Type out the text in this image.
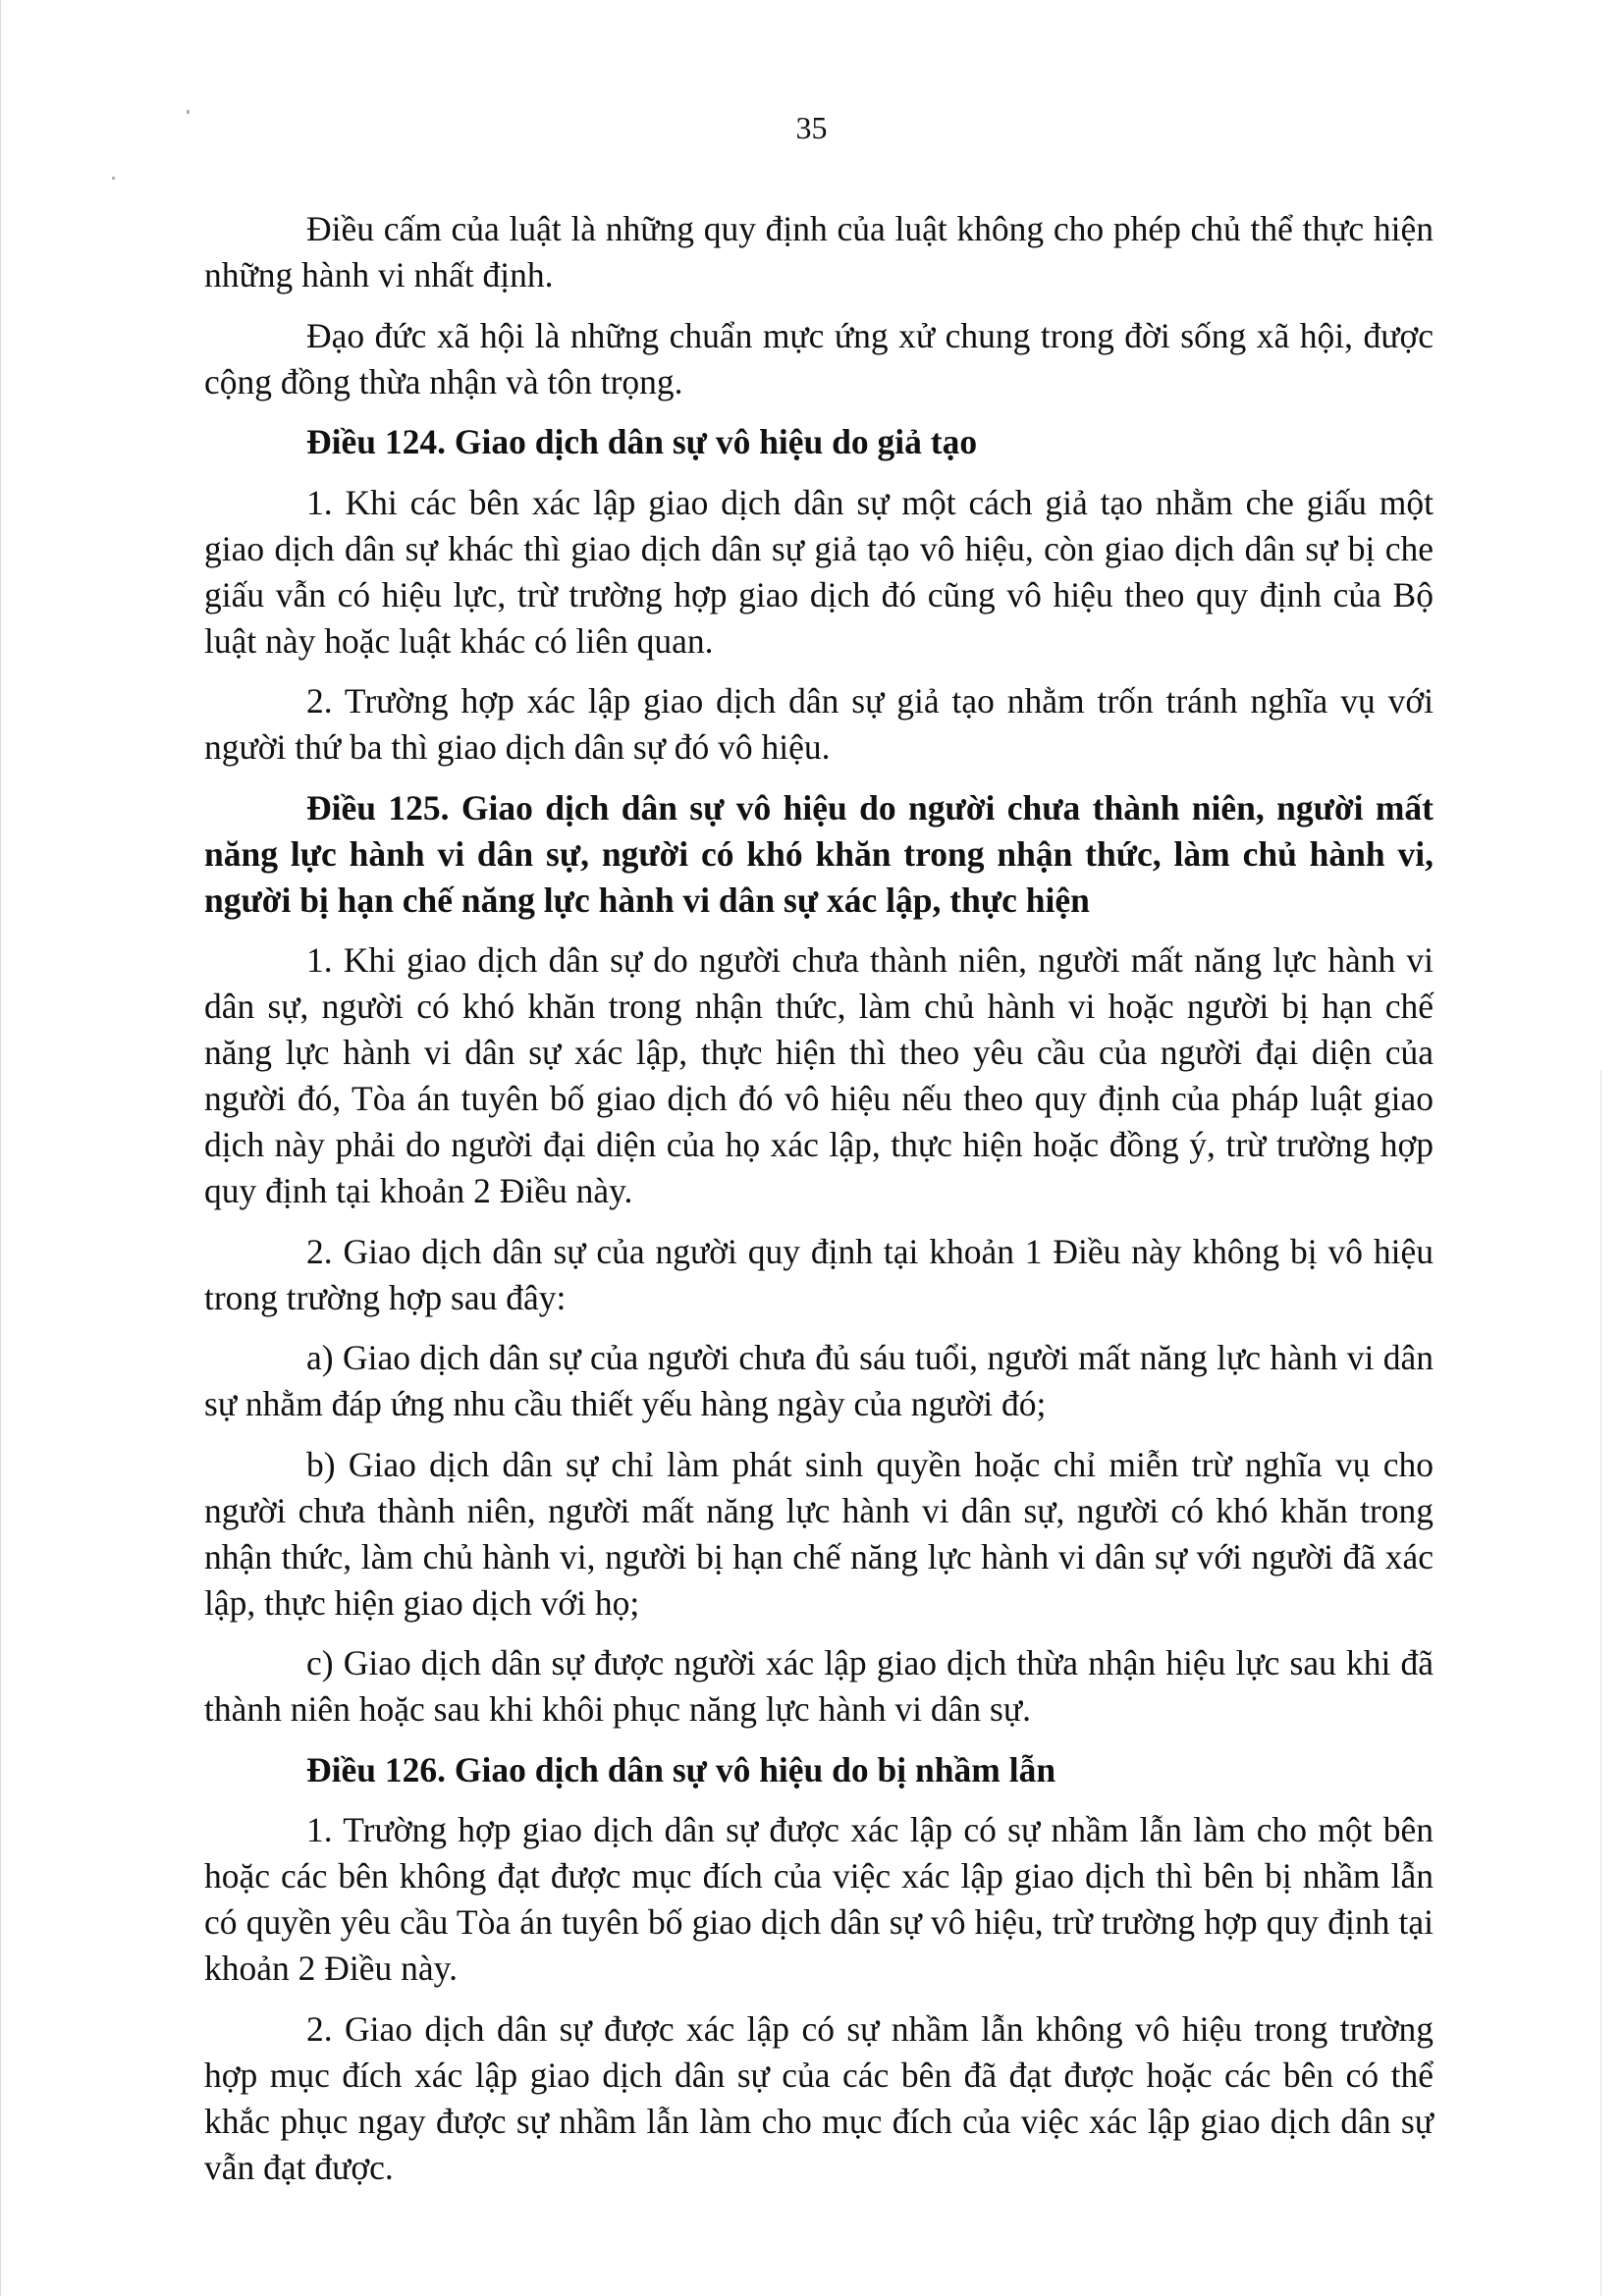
35

Điều cấm của luật là những quy định của luật không cho phép chủ thể thực hiện những hành vi nhất định.

Đạo đức xã hội là những chuẩn mực ứng xử chung trong đời sống xã hội, được cộng đồng thừa nhận và tôn trọng.

Điều 124. Giao dịch dân sự vô hiệu do giả tạo

1. Khi các bên xác lập giao dịch dân sự một cách giả tạo nhằm che giấu một giao dịch dân sự khác thì giao dịch dân sự giả tạo vô hiệu, còn giao dịch dân sự bị che giấu vẫn có hiệu lực, trừ trường hợp giao dịch đó cũng vô hiệu theo quy định của Bộ luật này hoặc luật khác có liên quan.

2. Trường hợp xác lập giao dịch dân sự giả tạo nhằm trốn tránh nghĩa vụ với người thứ ba thì giao dịch dân sự đó vô hiệu.

Điều 125. Giao dịch dân sự vô hiệu do người chưa thành niên, người mất năng lực hành vi dân sự, người có khó khăn trong nhận thức, làm chủ hành vi, người bị hạn chế năng lực hành vi dân sự xác lập, thực hiện

1. Khi giao dịch dân sự do người chưa thành niên, người mất năng lực hành vi dân sự, người có khó khăn trong nhận thức, làm chủ hành vi hoặc người bị hạn chế năng lực hành vi dân sự xác lập, thực hiện thì theo yêu cầu của người đại diện của người đó, Tòa án tuyên bố giao dịch đó vô hiệu nếu theo quy định của pháp luật giao dịch này phải do người đại diện của họ xác lập, thực hiện hoặc đồng ý, trừ trường hợp quy định tại khoản 2 Điều này.

2. Giao dịch dân sự của người quy định tại khoản 1 Điều này không bị vô hiệu trong trường hợp sau đây:

a) Giao dịch dân sự của người chưa đủ sáu tuổi, người mất năng lực hành vi dân sự nhằm đáp ứng nhu cầu thiết yếu hàng ngày của người đó;

b) Giao dịch dân sự chỉ làm phát sinh quyền hoặc chỉ miễn trừ nghĩa vụ cho người chưa thành niên, người mất năng lực hành vi dân sự, người có khó khăn trong nhận thức, làm chủ hành vi, người bị hạn chế năng lực hành vi dân sự với người đã xác lập, thực hiện giao dịch với họ;

c) Giao dịch dân sự được người xác lập giao dịch thừa nhận hiệu lực sau khi đã thành niên hoặc sau khi khôi phục năng lực hành vi dân sự.

Điều 126. Giao dịch dân sự vô hiệu do bị nhầm lẫn

1. Trường hợp giao dịch dân sự được xác lập có sự nhầm lẫn làm cho một bên hoặc các bên không đạt được mục đích của việc xác lập giao dịch thì bên bị nhầm lẫn có quyền yêu cầu Tòa án tuyên bố giao dịch dân sự vô hiệu, trừ trường hợp quy định tại khoản 2 Điều này.

2. Giao dịch dân sự được xác lập có sự nhầm lẫn không vô hiệu trong trường hợp mục đích xác lập giao dịch dân sự của các bên đã đạt được hoặc các bên có thể khắc phục ngay được sự nhầm lẫn làm cho mục đích của việc xác lập giao dịch dân sự vẫn đạt được.
